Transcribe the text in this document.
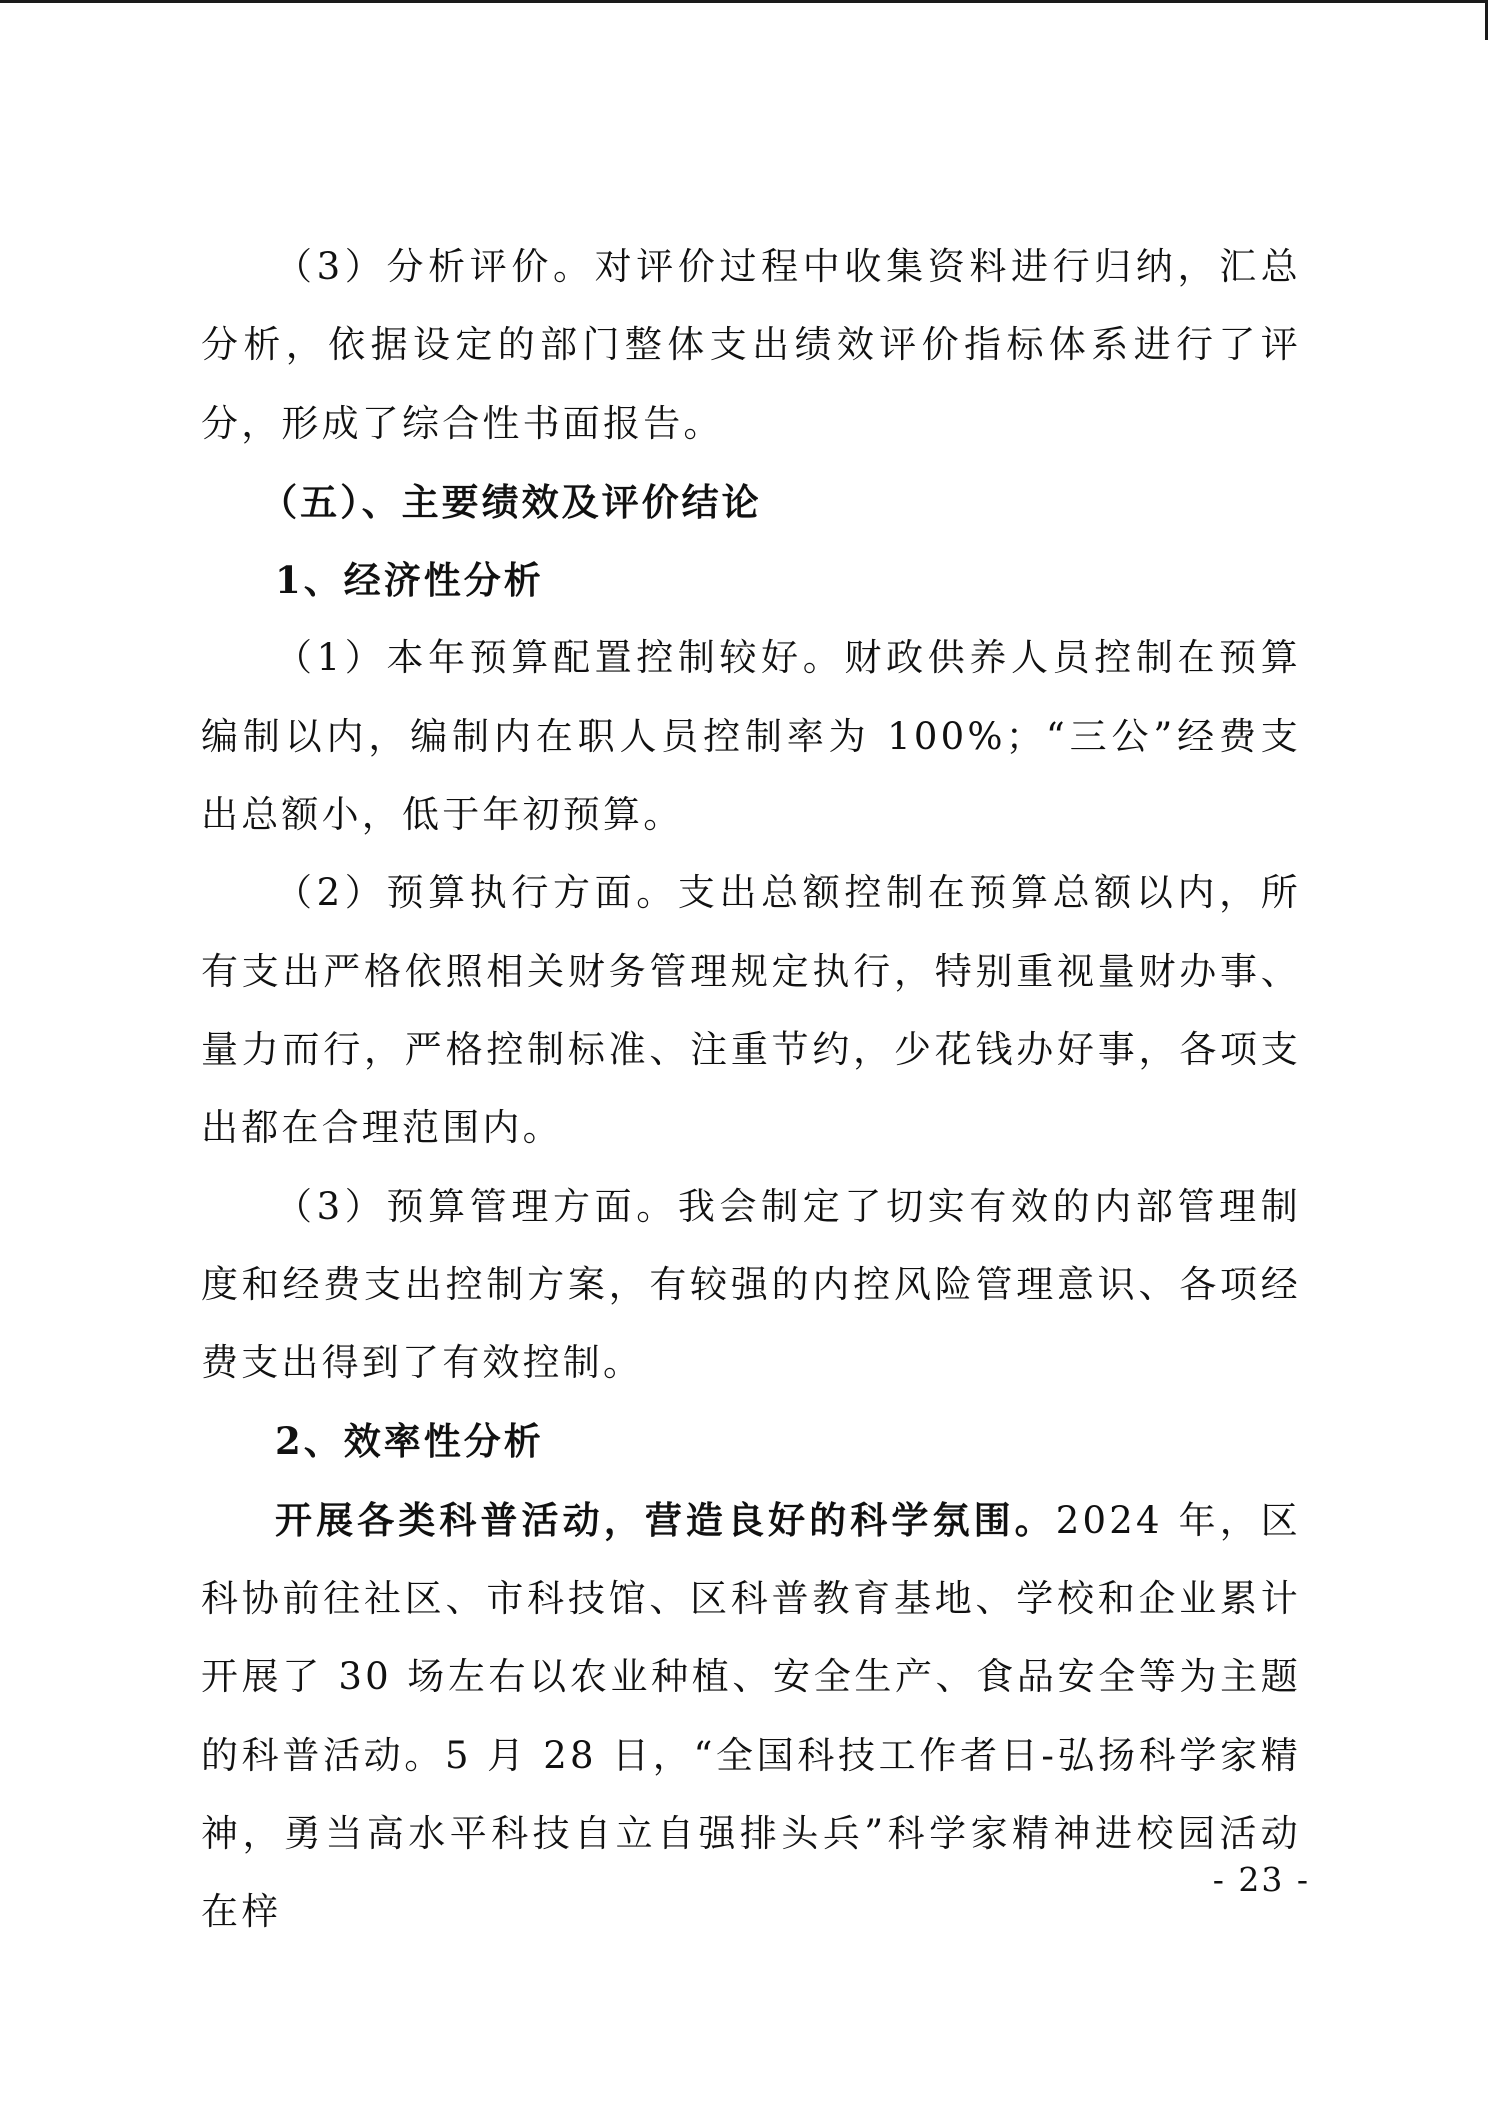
（3）分析评价。对评价过程中收集资料进行归纳，汇总分析，依据设定的部门整体支出绩效评价指标体系进行了评分，形成了综合性书面报告。

（五）、主要绩效及评价结论

1、经济性分析

（1）本年预算配置控制较好。财政供养人员控制在预算编制以内，编制内在职人员控制率为 100%；“三公”经费支出总额小，低于年初预算。

（2）预算执行方面。支出总额控制在预算总额以内，所有支出严格依照相关财务管理规定执行，特别重视量财办事、量力而行，严格控制标准、注重节约，少花钱办好事，各项支出都在合理范围内。

（3）预算管理方面。我会制定了切实有效的内部管理制度和经费支出控制方案，有较强的内控风险管理意识、各项经费支出得到了有效控制。

2、效率性分析

开展各类科普活动，营造良好的科学氛围。2024 年，区科协前往社区、市科技馆、区科普教育基地、学校和企业累计开展了 30 场左右以农业种植、安全生产、食品安全等为主题的科普活动。5 月 28 日，“全国科技工作者日-弘扬科学家精神，勇当高水平科技自立自强排头兵”科学家精神进校园活动在梓

- 23 -
